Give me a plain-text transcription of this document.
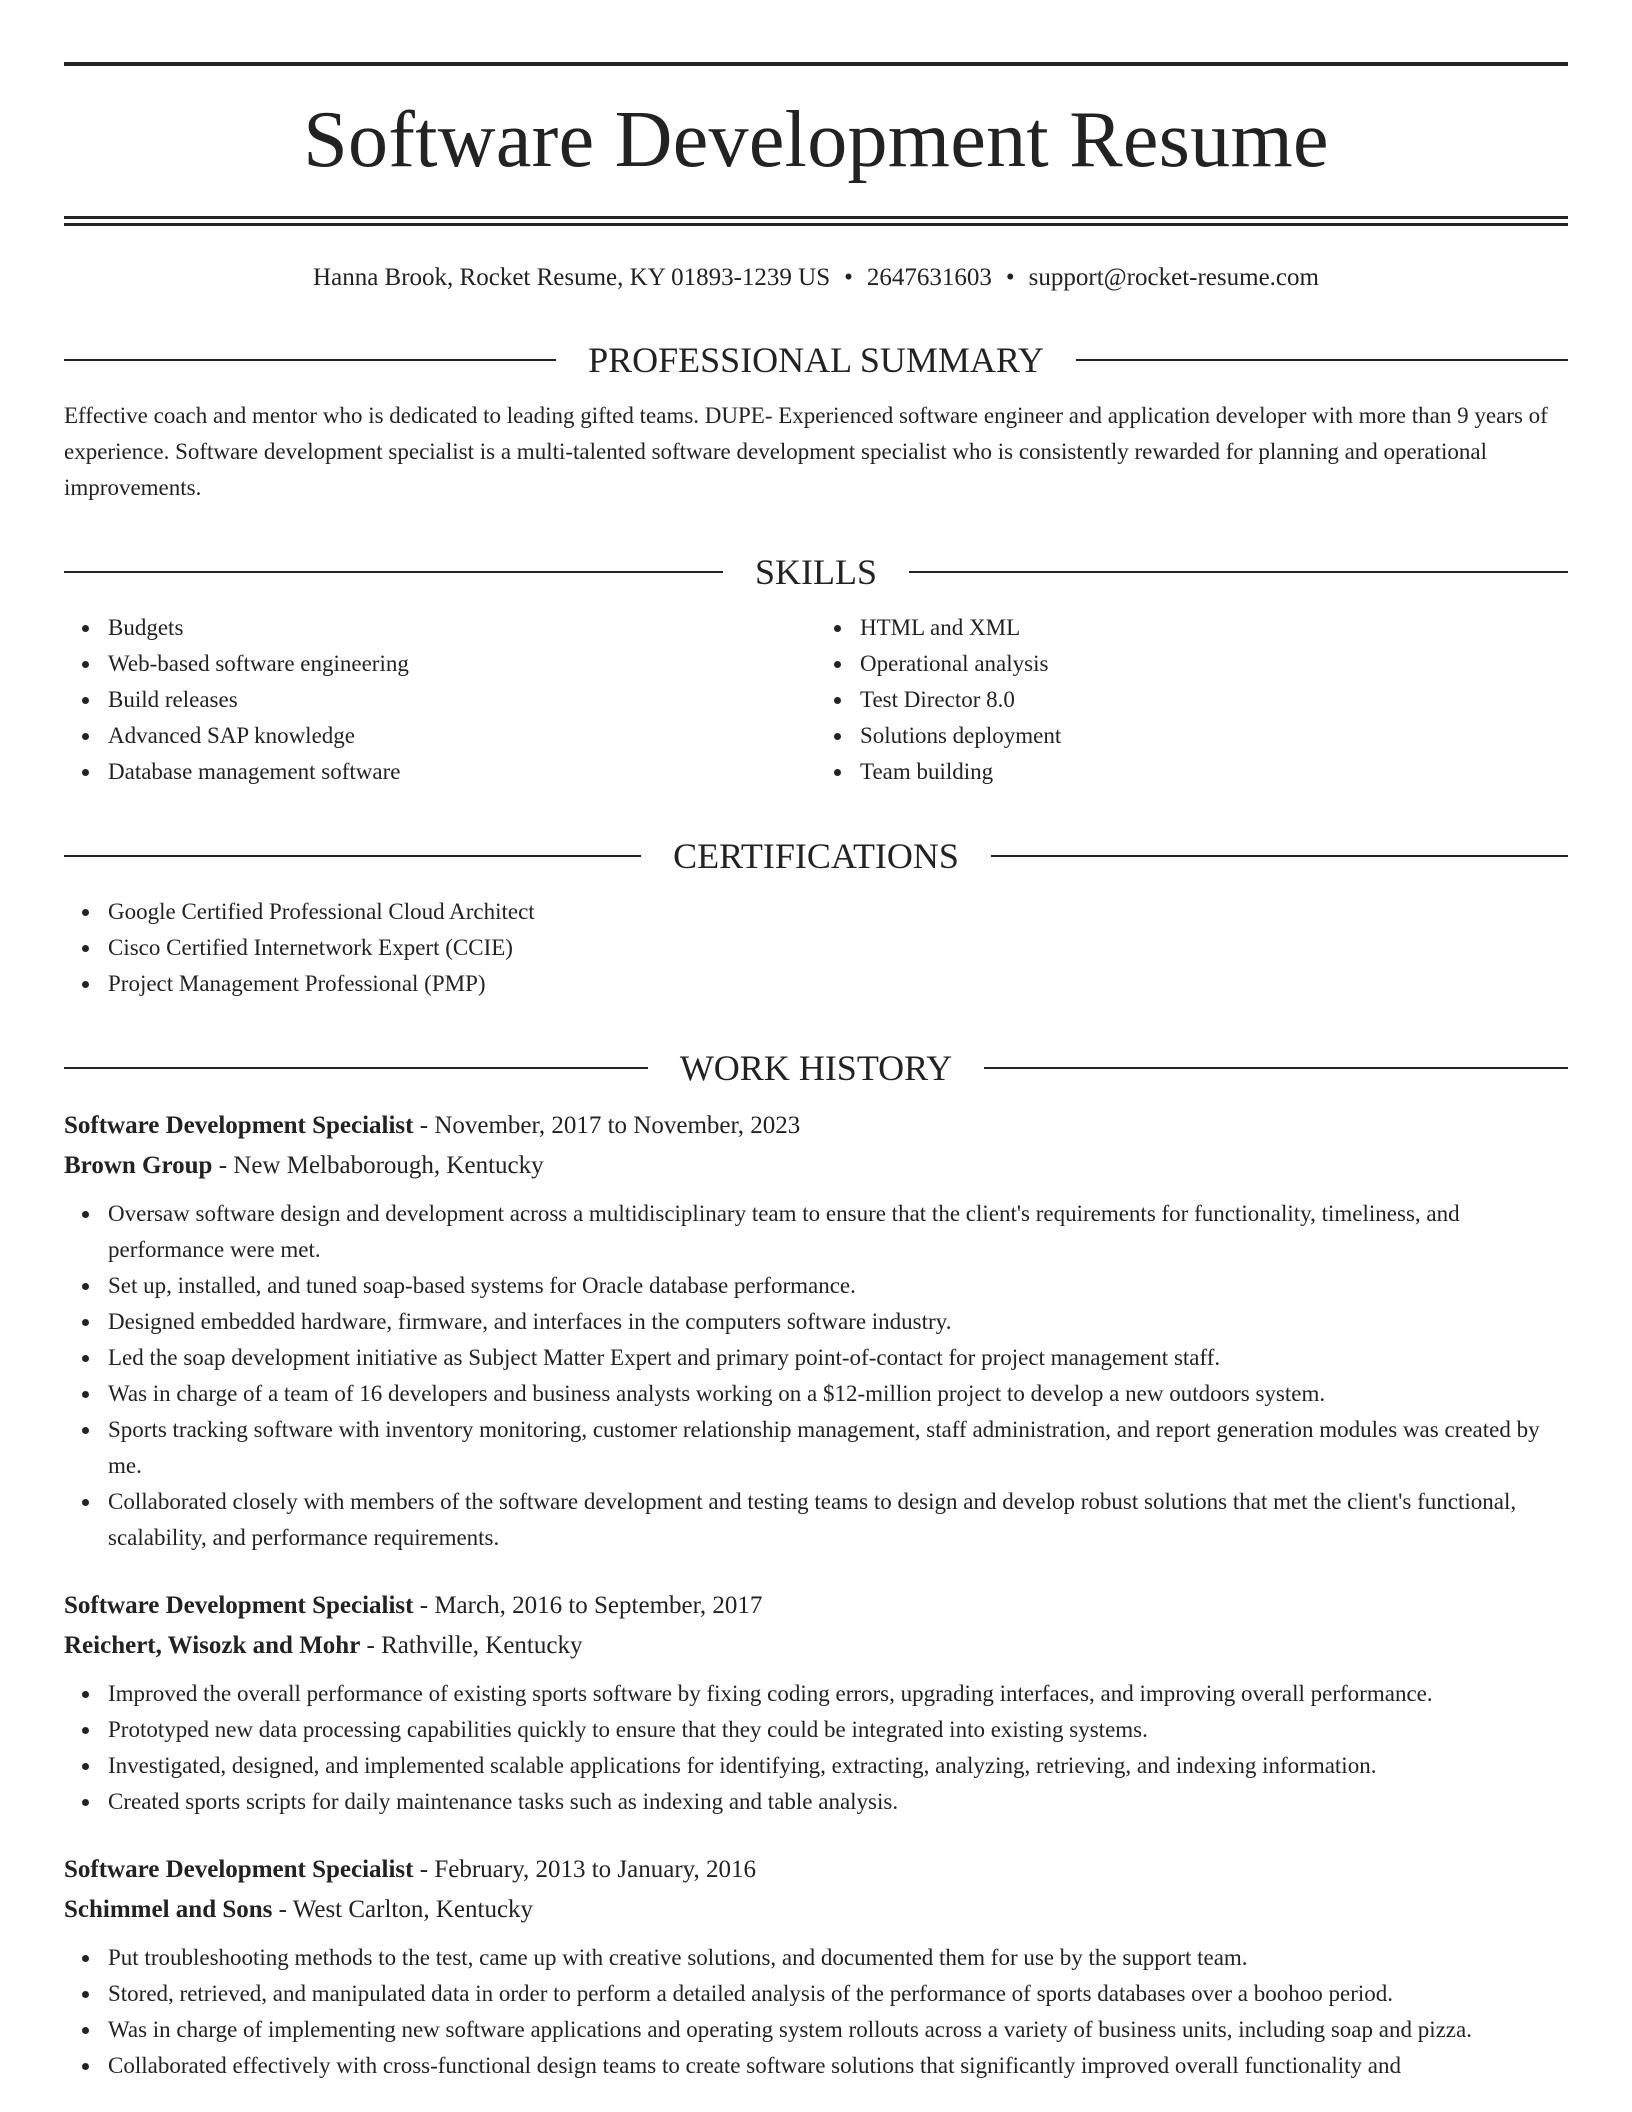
Software Development Resume
Hanna Brook, Rocket Resume, KY 01893-1239 US • 2647631603 • support@rocket-resume.com
PROFESSIONAL SUMMARY

Effective coach and mentor who is dedicated to leading gifted teams. DUPE- Experienced software engineer and application developer with more than 9 years of experience. Software development specialist is a multi-talented software development specialist who is consistently rewarded for planning and operational improvements.

SKILLS
Budgets
Web-based software engineering
Build releases
Advanced SAP knowledge
Database management software
HTML and XML
Operational analysis
Test Director 8.0
Solutions deployment
Team building
CERTIFICATIONS
Google Certified Professional Cloud Architect
Cisco Certified Internetwork Expert (CCIE)
Project Management Professional (PMP)
WORK HISTORY
Software Development Specialist - November, 2017 to November, 2023
Brown Group - New Melbaborough, Kentucky
Oversaw software design and development across a multidisciplinary team to ensure that the client's requirements for functionality, timeliness, and performance were met.
Set up, installed, and tuned soap-based systems for Oracle database performance.
Designed embedded hardware, firmware, and interfaces in the computers software industry.
Led the soap development initiative as Subject Matter Expert and primary point-of-contact for project management staff.
Was in charge of a team of 16 developers and business analysts working on a $12-million project to develop a new outdoors system.
Sports tracking software with inventory monitoring, customer relationship management, staff administration, and report generation modules was created by me.
Collaborated closely with members of the software development and testing teams to design and develop robust solutions that met the client's functional, scalability, and performance requirements.
Software Development Specialist - March, 2016 to September, 2017
Reichert, Wisozk and Mohr - Rathville, Kentucky
Improved the overall performance of existing sports software by fixing coding errors, upgrading interfaces, and improving overall performance.
Prototyped new data processing capabilities quickly to ensure that they could be integrated into existing systems.
Investigated, designed, and implemented scalable applications for identifying, extracting, analyzing, retrieving, and indexing information.
Created sports scripts for daily maintenance tasks such as indexing and table analysis.
Software Development Specialist - February, 2013 to January, 2016
Schimmel and Sons - West Carlton, Kentucky
Put troubleshooting methods to the test, came up with creative solutions, and documented them for use by the support team.
Stored, retrieved, and manipulated data in order to perform a detailed analysis of the performance of sports databases over a boohoo period.
Was in charge of implementing new software applications and operating system rollouts across a variety of business units, including soap and pizza.
Collaborated effectively with cross-functional design teams to create software solutions that significantly improved overall functionality and
